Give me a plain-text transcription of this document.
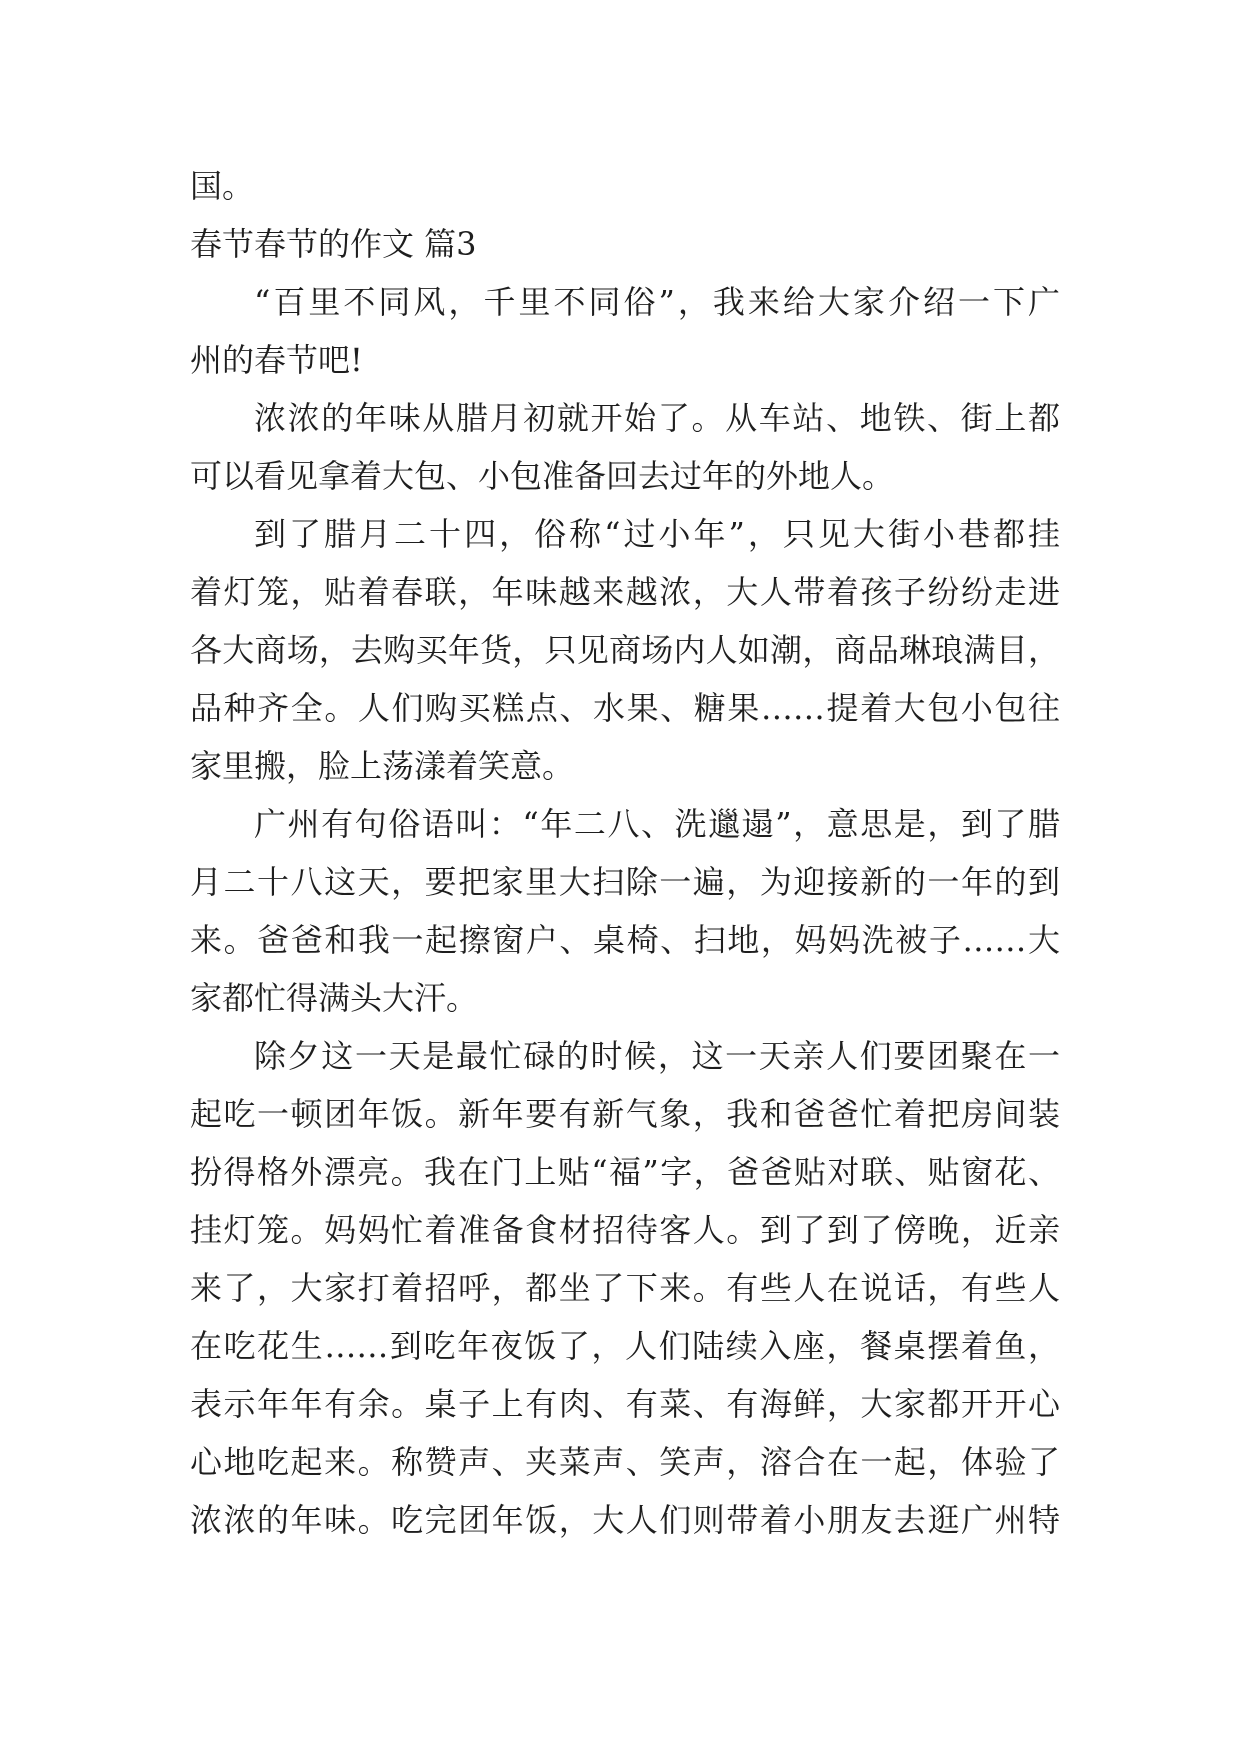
国。
春节春节的作文 篇3
“百里不同风，千里不同俗”，我来给大家介绍一下广
州的春节吧!
浓浓的年味从腊月初就开始了。从车站、地铁、街上都
可以看见拿着大包、小包准备回去过年的外地人。
到了腊月二十四，俗称“过小年”，只见大街小巷都挂
着灯笼，贴着春联，年味越来越浓，大人带着孩子纷纷走进
各大商场，去购买年货，只见商场内人如潮，商品琳琅满目，
品种齐全。人们购买糕点、水果、糖果……提着大包小包往
家里搬，脸上荡漾着笑意。
广州有句俗语叫：“年二八、洗邋遢”，意思是，到了腊
月二十八这天，要把家里大扫除一遍，为迎接新的一年的到
来。爸爸和我一起擦窗户、桌椅、扫地，妈妈洗被子……大
家都忙得满头大汗。
除夕这一天是最忙碌的时候，这一天亲人们要团聚在一
起吃一顿团年饭。新年要有新气象，我和爸爸忙着把房间装
扮得格外漂亮。我在门上贴“福”字，爸爸贴对联、贴窗花、
挂灯笼。妈妈忙着准备食材招待客人。到了到了傍晚，近亲
来了，大家打着招呼，都坐了下来。有些人在说话，有些人
在吃花生……到吃年夜饭了，人们陆续入座，餐桌摆着鱼，
表示年年有余。桌子上有肉、有菜、有海鲜，大家都开开心
心地吃起来。称赞声、夹菜声、笑声，溶合在一起，体验了
浓浓的年味。吃完团年饭，大人们则带着小朋友去逛广州特
